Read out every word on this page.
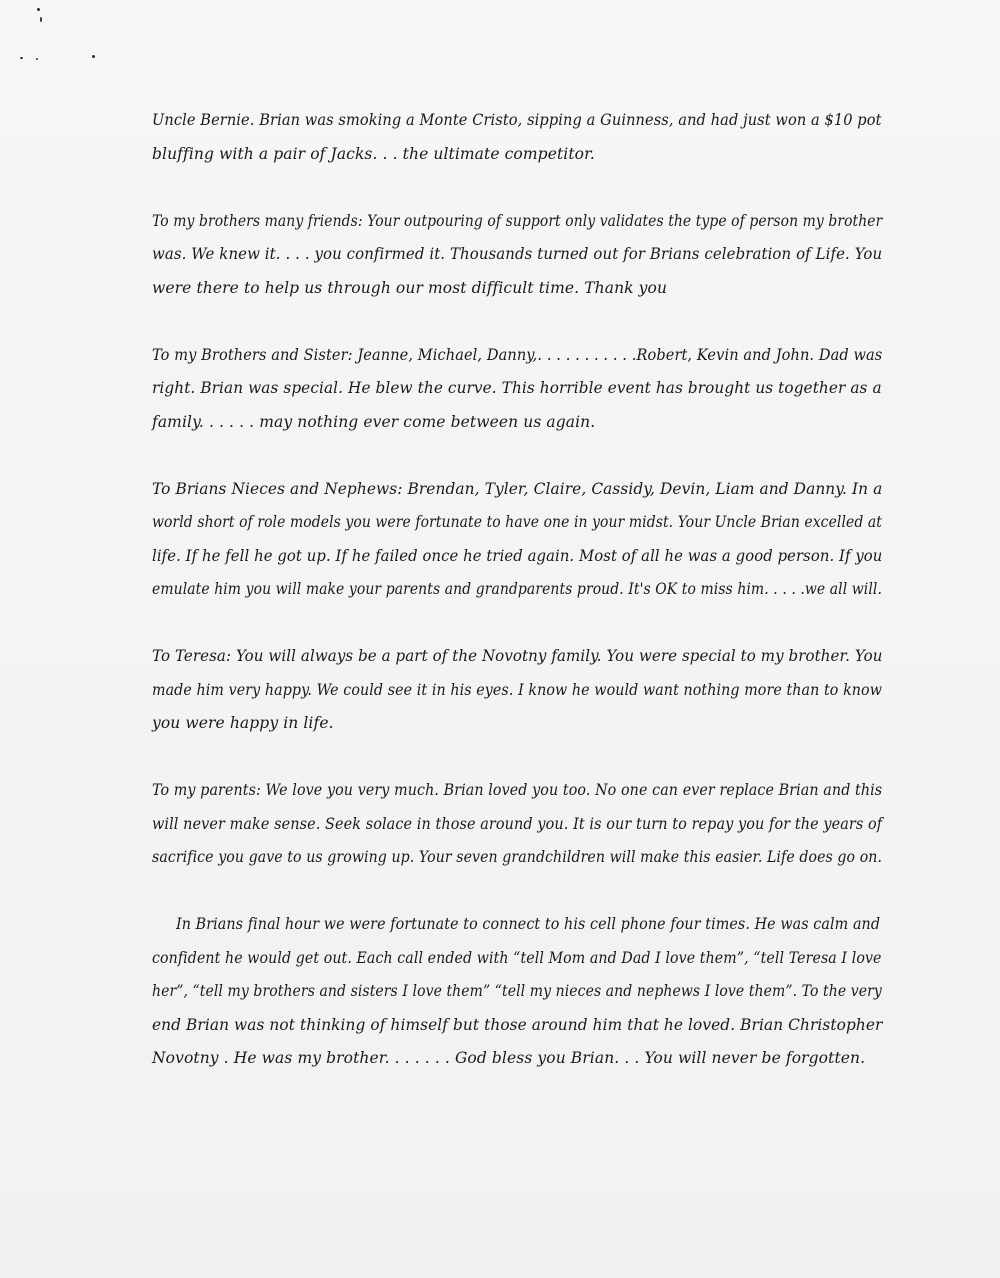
Uncle Bernie. Brian was smoking a Monte Cristo, sipping a Guinness, and had just won a $10 pot
bluffing with a pair of Jacks. . . the ultimate competitor.
To my brothers many friends: Your outpouring of support only validates the type of person my brother
was. We knew it. . . . you confirmed it. Thousands turned out for Brians celebration of Life. You
were there to help us through our most difficult time. Thank you
To my Brothers and Sister: Jeanne, Michael, Danny,. . . . . . . . . . .Robert, Kevin and John. Dad was
right. Brian was special. He blew the curve. This horrible event has brought us together as a
family. . . . . . may nothing ever come between us again.
To Brians Nieces and Nephews: Brendan, Tyler, Claire, Cassidy, Devin, Liam and Danny. In a
world short of role models you were fortunate to have one in your midst. Your Uncle Brian excelled at
life. If he fell he got up. If he failed once he tried again. Most of all he was a good person. If you
emulate him you will make your parents and grandparents proud. It's OK to miss him. . . . .we all will.
To Teresa: You will always be a part of the Novotny family. You were special to my brother. You
made him very happy. We could see it in his eyes. I know he would want nothing more than to know
you were happy in life.
To my parents: We love you very much. Brian loved you too. No one can ever replace Brian and this
will never make sense. Seek solace in those around you. It is our turn to repay you for the years of
sacrifice you gave to us growing up. Your seven grandchildren will make this easier. Life does go on.
In Brians final hour we were fortunate to connect to his cell phone four times. He was calm and
confident he would get out. Each call ended with “tell Mom and Dad I love them”, “tell Teresa I love
her”, “tell my brothers and sisters I love them” “tell my nieces and nephews I love them”. To the very
end Brian was not thinking of himself but those around him that he loved. Brian Christopher
Novotny . He was my brother. . . . . . . God bless you Brian. . . You will never be forgotten.
